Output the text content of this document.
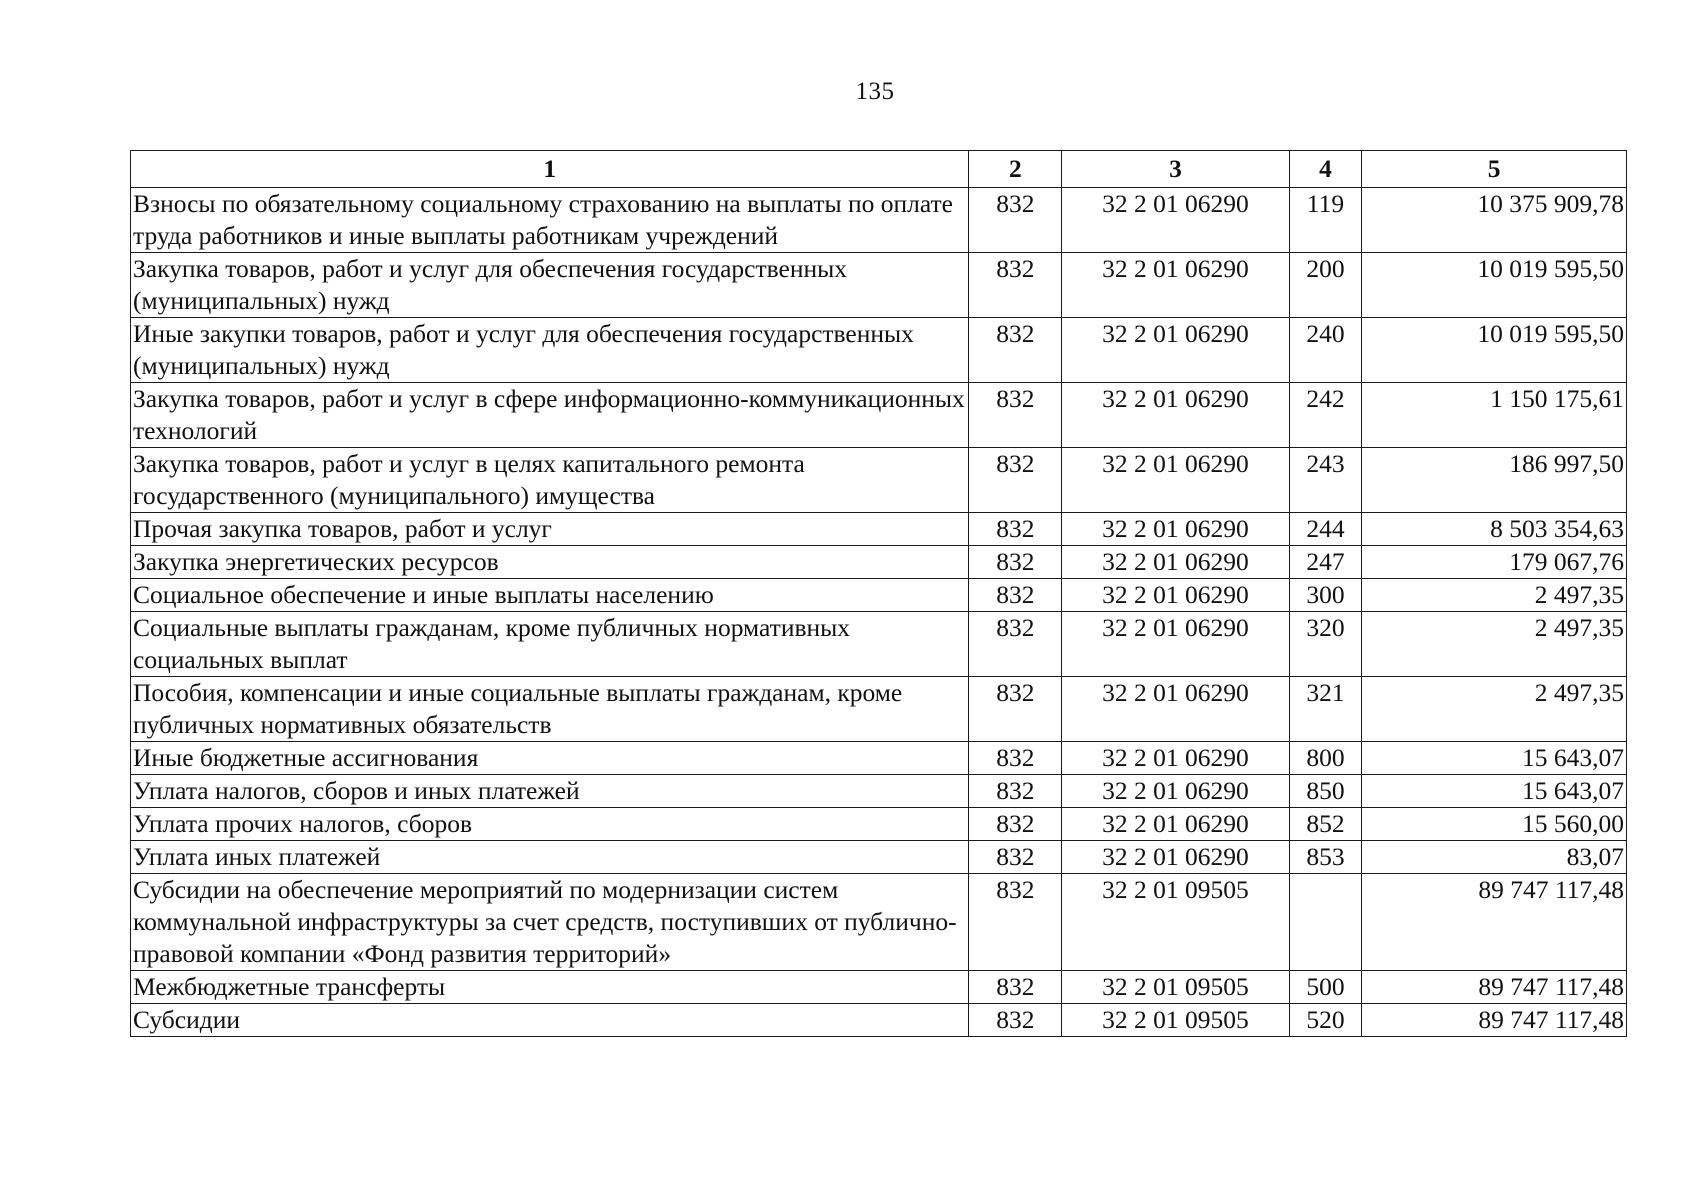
135
1	2	3	4	5
Взносы по обязательному социальному страхованию на выплаты по оплате труда работников и иные выплаты работникам учреждений	832	32 2 01 06290	119	10 375 909,78
Закупка товаров, работ и услуг для обеспечения государственных (муниципальных) нужд	832	32 2 01 06290	200	10 019 595,50
Иные закупки товаров, работ и услуг для обеспечения государственных (муниципальных) нужд	832	32 2 01 06290	240	10 019 595,50
Закупка товаров, работ и услуг в сфере информационно-коммуникационных технологий	832	32 2 01 06290	242	1 150 175,61
Закупка товаров, работ и услуг в целях капитального ремонта государственного (муниципального) имущества	832	32 2 01 06290	243	186 997,50
Прочая закупка товаров, работ и услуг	832	32 2 01 06290	244	8 503 354,63
Закупка энергетических ресурсов	832	32 2 01 06290	247	179 067,76
Социальное обеспечение и иные выплаты населению	832	32 2 01 06290	300	2 497,35
Социальные выплаты гражданам, кроме публичных нормативных социальных выплат	832	32 2 01 06290	320	2 497,35
Пособия, компенсации и иные социальные выплаты гражданам, кроме публичных нормативных обязательств	832	32 2 01 06290	321	2 497,35
Иные бюджетные ассигнования	832	32 2 01 06290	800	15 643,07
Уплата налогов, сборов и иных платежей	832	32 2 01 06290	850	15 643,07
Уплата прочих налогов, сборов	832	32 2 01 06290	852	15 560,00
Уплата иных платежей	832	32 2 01 06290	853	83,07
Субсидии на обеспечение мероприятий по модернизации систем коммунальной инфраструктуры за счет средств, поступивших от публично-правовой компании «Фонд развития территорий»	832	32 2 01 09505		89 747 117,48
Межбюджетные трансферты	832	32 2 01 09505	500	89 747 117,48
Субсидии	832	32 2 01 09505	520	89 747 117,48
